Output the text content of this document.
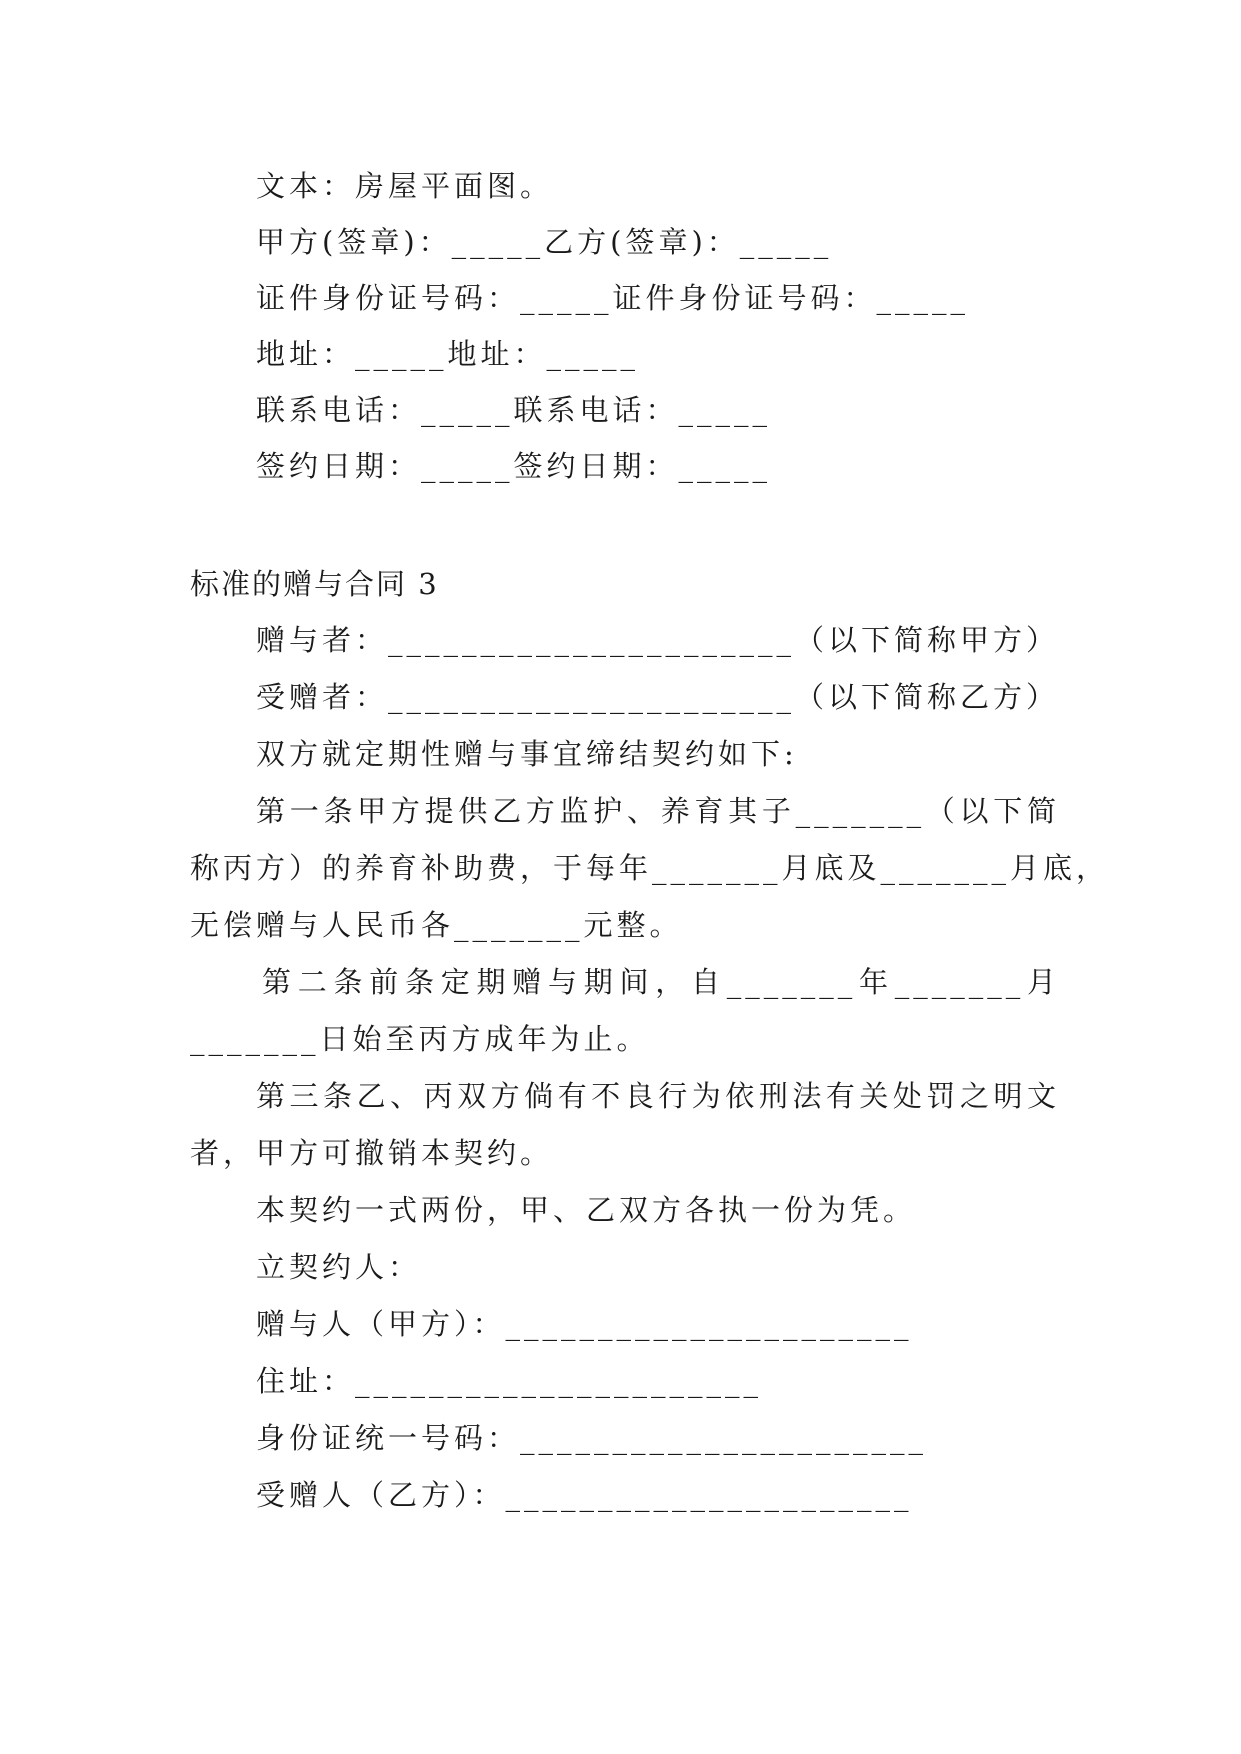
文本：房屋平面图。

甲方(签章)：_____乙方(签章)：_____

证件身份证号码：_____证件身份证号码：_____

地址：_____地址：_____

联系电话：_____联系电话：_____

签约日期：_____签约日期：_____

标准的赠与合同 3

赠与者：______________________（以下简称甲方）

受赠者：______________________（以下简称乙方）

双方就定期性赠与事宜缔结契约如下:

第一条甲方提供乙方监护、养育其子_______（以下简

称丙方）的养育补助费，于每年_______月底及_______月底，

无偿赠与人民币各_______元整。

第二条前条定期赠与期间，自_______年_______月

_______日始至丙方成年为止。

第三条乙、丙双方倘有不良行为依刑法有关处罚之明文

者，甲方可撤销本契约。

本契约一式两份，甲、乙双方各执一份为凭。

立契约人：

赠与人（甲方）：______________________

住址：______________________

身份证统一号码：______________________

受赠人（乙方）：______________________
